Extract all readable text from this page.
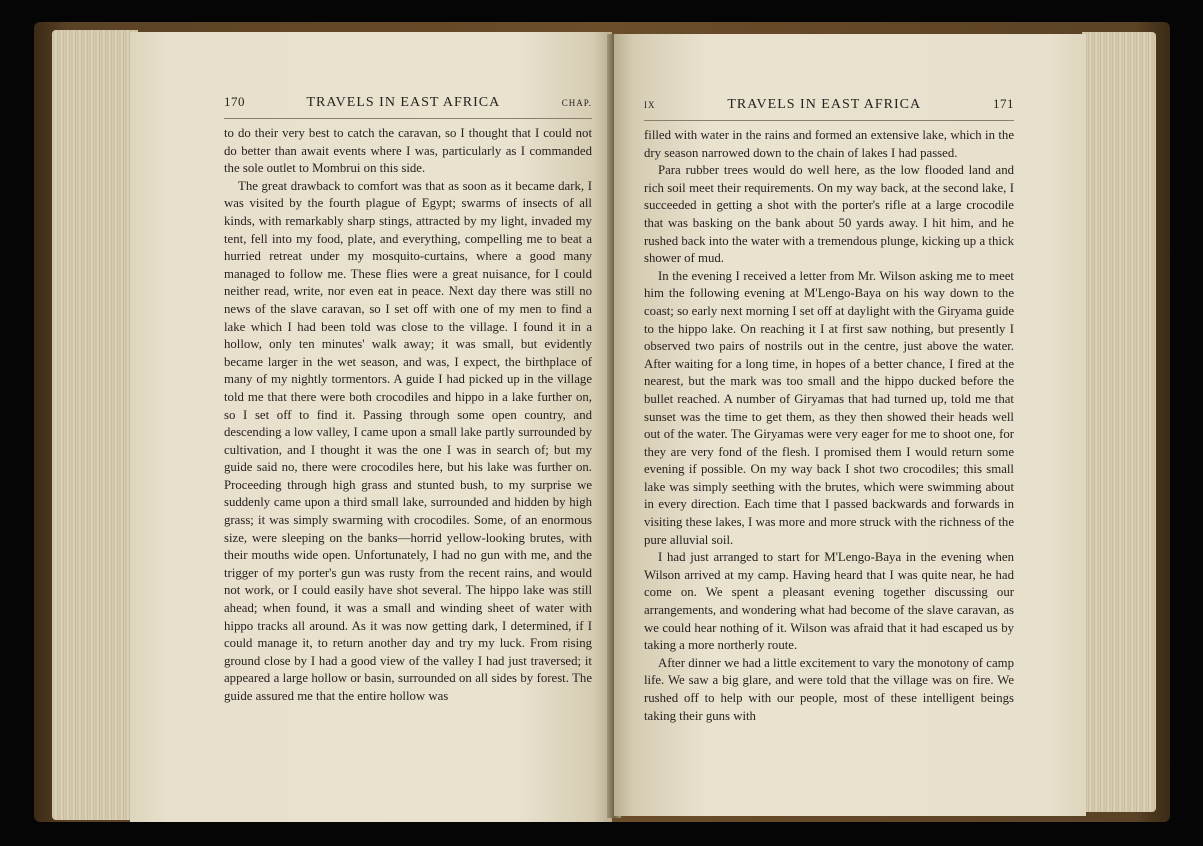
170	TRAVELS IN EAST AFRICA	CHAP.

to do their very best to catch the caravan, so I thought that I could not do better than await events where I was, particularly as I commanded the sole outlet to Mombrui on this side.

The great drawback to comfort was that as soon as it became dark, I was visited by the fourth plague of Egypt; swarms of insects of all kinds, with remarkably sharp stings, attracted by my light, invaded my tent, fell into my food, plate, and everything, compelling me to beat a hurried retreat under my mosquito-curtains, where a good many managed to follow me. These flies were a great nuisance, for I could neither read, write, nor even eat in peace. Next day there was still no news of the slave caravan, so I set off with one of my men to find a lake which I had been told was close to the village. I found it in a hollow, only ten minutes' walk away; it was small, but evidently became larger in the wet season, and was, I expect, the birthplace of many of my nightly tormentors. A guide I had picked up in the village told me that there were both crocodiles and hippo in a lake further on, so I set off to find it. Passing through some open country, and descending a low valley, I came upon a small lake partly surrounded by cultivation, and I thought it was the one I was in search of; but my guide said no, there were crocodiles here, but his lake was further on. Proceeding through high grass and stunted bush, to my surprise we suddenly came upon a third small lake, surrounded and hidden by high grass; it was simply swarming with crocodiles. Some, of an enormous size, were sleeping on the banks—horrid yellow-looking brutes, with their mouths wide open. Unfortunately, I had no gun with me, and the trigger of my porter's gun was rusty from the recent rains, and would not work, or I could easily have shot several. The hippo lake was still ahead; when found, it was a small and winding sheet of water with hippo tracks all around. As it was now getting dark, I determined, if I could manage it, to return another day and try my luck. From rising ground close by I had a good view of the valley I had just traversed; it appeared a large hollow or basin, surrounded on all sides by forest. The guide assured me that the entire hollow was

IX	TRAVELS IN EAST AFRICA	171

filled with water in the rains and formed an extensive lake, which in the dry season narrowed down to the chain of lakes I had passed.

Para rubber trees would do well here, as the low flooded land and rich soil meet their requirements. On my way back, at the second lake, I succeeded in getting a shot with the porter's rifle at a large crocodile that was basking on the bank about 50 yards away. I hit him, and he rushed back into the water with a tremendous plunge, kicking up a thick shower of mud.

In the evening I received a letter from Mr. Wilson asking me to meet him the following evening at M'Lengo-Baya on his way down to the coast; so early next morning I set off at daylight with the Giryama guide to the hippo lake. On reaching it I at first saw nothing, but presently I observed two pairs of nostrils out in the centre, just above the water. After waiting for a long time, in hopes of a better chance, I fired at the nearest, but the mark was too small and the hippo ducked before the bullet reached. A number of Giryamas that had turned up, told me that sunset was the time to get them, as they then showed their heads well out of the water. The Giryamas were very eager for me to shoot one, for they are very fond of the flesh. I promised them I would return some evening if possible. On my way back I shot two crocodiles; this small lake was simply seething with the brutes, which were swimming about in every direction. Each time that I passed backwards and forwards in visiting these lakes, I was more and more struck with the richness of the pure alluvial soil.

I had just arranged to start for M'Lengo-Baya in the evening when Wilson arrived at my camp. Having heard that I was quite near, he had come on. We spent a pleasant evening together discussing our arrangements, and wondering what had become of the slave caravan, as we could hear nothing of it. Wilson was afraid that it had escaped us by taking a more northerly route.

After dinner we had a little excitement to vary the monotony of camp life. We saw a big glare, and were told that the village was on fire. We rushed off to help with our people, most of these intelligent beings taking their guns with
